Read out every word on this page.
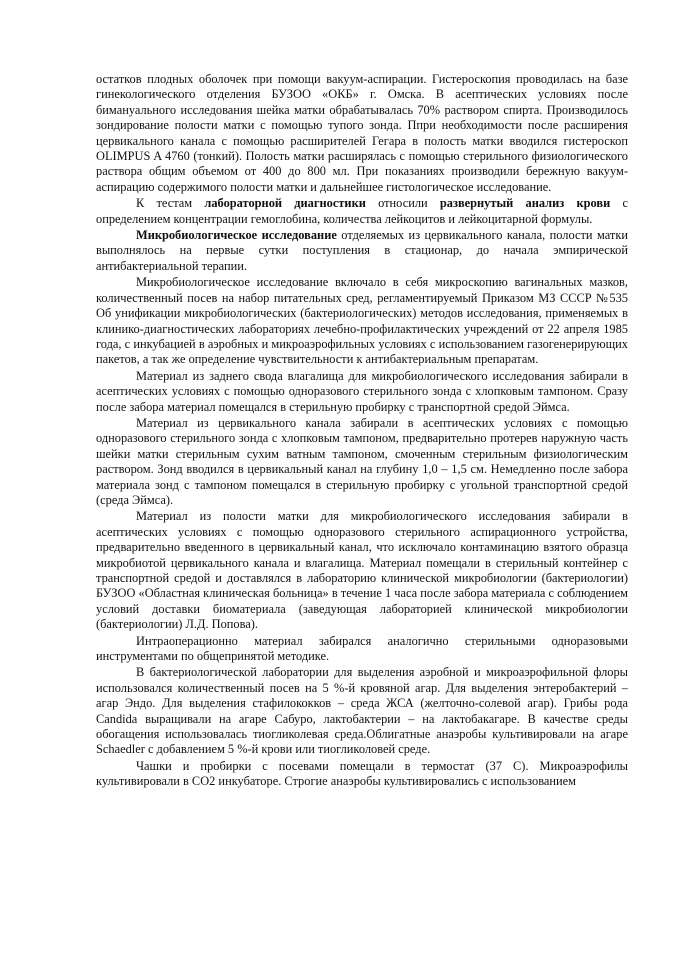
остатков плодных оболочек при помощи вакуум-аспирации. Гистероскопия проводилась на базе гинекологического отделения БУЗОО «ОКБ» г. Омска. В асептических условиях после бимануального исследования шейка матки обрабатывалась 70% раствором спирта. Производилось зондирование полости матки с помощью тупого зонда. Ппри необходимости после расширения цервикального канала с помощью расширителей Гегара в полость матки вводился гистероскоп OLIMPUS A 4760 (тонкий). Полость матки расширялась с помощью стерильного физиологического раствора общим объемом от 400 до 800 мл. При показаниях производили бережную вакуум-аспирацию содержимого полости матки и дальнейшее гистологическое исследование.

К тестам лабораторной диагностики относили развернутый анализ крови с определением концентрации гемоглобина, количества лейкоцитов и лейкоцитарной формулы.

Микробиологическое исследование отделяемых из цервикального канала, полости матки выполнялось на первые сутки поступления в стационар, до начала эмпирической антибактериальной терапии.

Микробиологическое исследование включало в себя микроскопию вагинальных мазков, количественный посев на набор питательных сред, регламентируемый Приказом МЗ СССР №535 Об унификации микробиологических (бактериологических) методов исследования, применяемых в клинико-диагностических лабораториях лечебно-профилактических учреждений от 22 апреля 1985 года, с инкубацией в аэробных и микроаэрофильных условиях с использованием газогенерирующих пакетов, а так же определение чувствительности к антибактериальным препаратам.

Материал из заднего свода влагалища для микробиологического исследования забирали в асептических условиях с помощью одноразового стерильного зонда с хлопковым тампоном. Сразу после забора материал помещался в стерильную пробирку с транспортной средой Эймса.

Материал из цервикального канала забирали в асептических условиях с помощью одноразового стерильного зонда с хлопковым тампоном, предварительно протерев наружную часть шейки матки стерильным сухим ватным тампоном, смоченным стерильным физиологическим раствором. Зонд вводился в цервикальный канал на глубину 1,0 – 1,5 см. Немедленно после забора материала зонд с тампоном помещался в стерильную пробирку с угольной транспортной средой (среда Эймса).

Материал из полости матки для микробиологического исследования забирали в асептических условиях с помощью одноразового стерильного аспирационного устройства, предварительно введенного в цервикальный канал, что исключало контаминацию взятого образца микробиотой цервикального канала и влагалища. Материал помещали в стерильный контейнер с транспортной средой и доставлялся в лабораторию клинической микробиологии (бактериологии) БУЗОО «Областная клиническая больница» в течение 1 часа после забора материала с соблюдением условий доставки биоматериала (заведующая лабораторией клинической микробиологии (бактериологии) Л.Д. Попова).

Интраоперационно материал забирался аналогично стерильными одноразовыми инструментами по общепринятой методике.

В бактериологической лаборатории для выделения аэробной и микроаэрофильной флоры использовался количественный посев на 5 %-й кровяной агар. Для выделения энтеробактерий – агар Эндо. Для выделения стафилококков – среда ЖСА (желточно-солевой агар). Грибы рода Candida выращивали на агаре Сабуро, лактобактерии – на лактобакагаре. В качестве среды обогащения использовалась тиогликолевая среда.Облигатные анаэробы культивировали на агаре Schaedler с добавлением 5 %-й крови или тиогликоловей среде.

Чашки и пробирки с посевами помещали в термостат (37 С). Микроаэрофилы культивировали в СО2 инкубаторе. Строгие анаэробы культивировались с использованием
